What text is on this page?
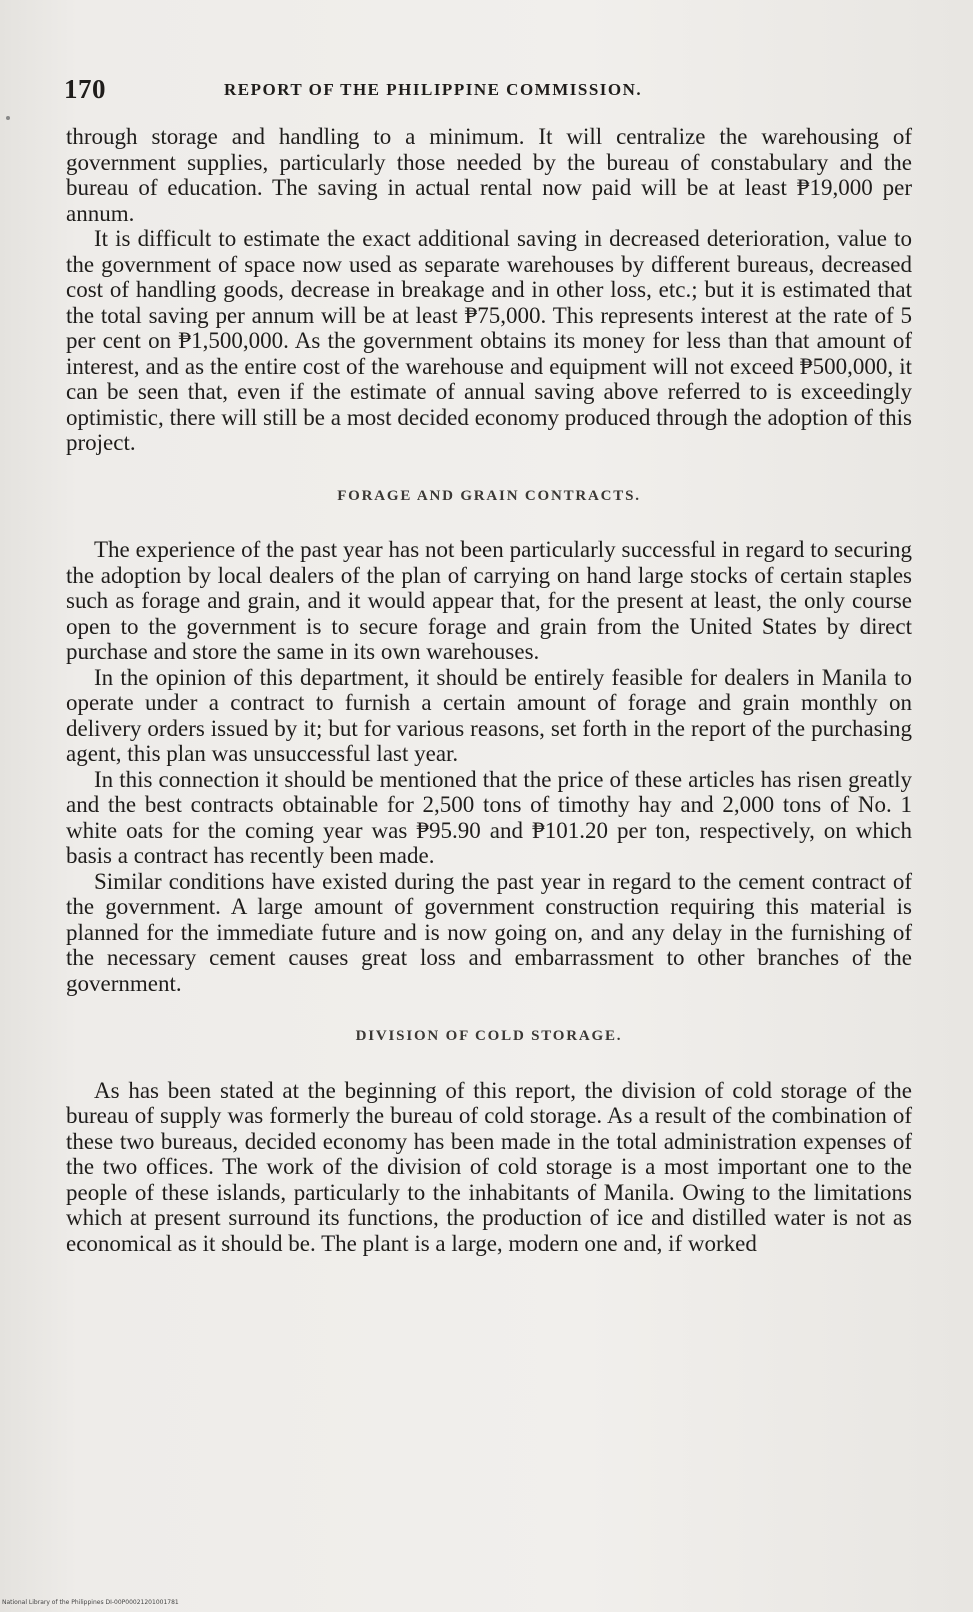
170	REPORT OF THE PHILIPPINE COMMISSION.

through storage and handling to a minimum. It will centralize the warehousing of government supplies, particularly those needed by the bureau of constabulary and the bureau of education. The saving in actual rental now paid will be at least ₱19,000 per annum.

It is difficult to estimate the exact additional saving in decreased deterioration, value to the government of space now used as separate warehouses by different bureaus, decreased cost of handling goods, decrease in breakage and in other loss, etc.; but it is estimated that the total saving per annum will be at least ₱75,000. This represents interest at the rate of 5 per cent on ₱1,500,000. As the government obtains its money for less than that amount of interest, and as the entire cost of the warehouse and equipment will not exceed ₱500,000, it can be seen that, even if the estimate of annual saving above referred to is exceedingly optimistic, there will still be a most decided economy produced through the adoption of this project.

FORAGE AND GRAIN CONTRACTS.

The experience of the past year has not been particularly successful in regard to securing the adoption by local dealers of the plan of carrying on hand large stocks of certain staples such as forage and grain, and it would appear that, for the present at least, the only course open to the government is to secure forage and grain from the United States by direct purchase and store the same in its own warehouses.

In the opinion of this department, it should be entirely feasible for dealers in Manila to operate under a contract to furnish a certain amount of forage and grain monthly on delivery orders issued by it; but for various reasons, set forth in the report of the purchasing agent, this plan was unsuccessful last year.

In this connection it should be mentioned that the price of these articles has risen greatly and the best contracts obtainable for 2,500 tons of timothy hay and 2,000 tons of No. 1 white oats for the coming year was ₱95.90 and ₱101.20 per ton, respectively, on which basis a contract has recently been made.

Similar conditions have existed during the past year in regard to the cement contract of the government. A large amount of government construction requiring this material is planned for the immediate future and is now going on, and any delay in the furnishing of the necessary cement causes great loss and embarrassment to other branches of the government.

DIVISION OF COLD STORAGE.

As has been stated at the beginning of this report, the division of cold storage of the bureau of supply was formerly the bureau of cold storage. As a result of the combination of these two bureaus, decided economy has been made in the total administration expenses of the two offices. The work of the division of cold storage is a most important one to the people of these islands, particularly to the inhabitants of Manila. Owing to the limitations which at present surround its functions, the production of ice and distilled water is not as economical as it should be. The plant is a large, modern one and, if worked

National Library of the Philippines DI-00P00021201001781
